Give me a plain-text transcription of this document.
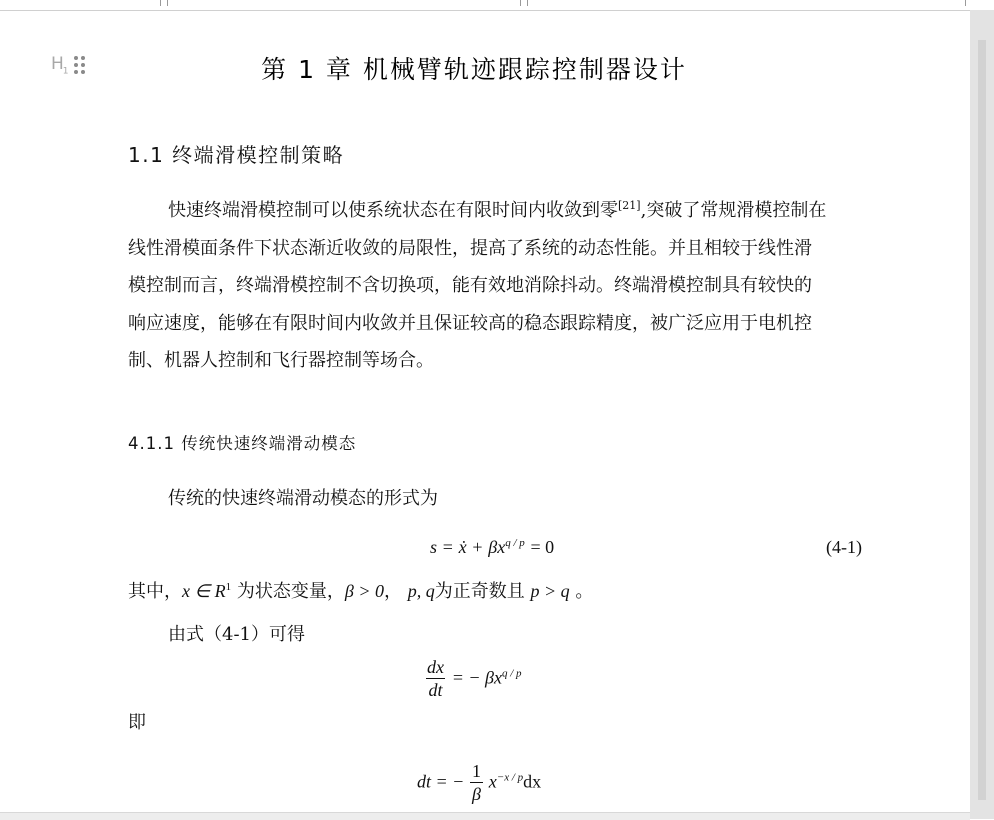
$H_1$	第 1 章 机械臂轨迹跟踪控制器设计
1.1 终端滑模控制策略
快速终端滑模控制可以使系统状态在有限时间内收敛到零[21],突破了常规滑模控制在线性滑模面条件下状态渐近收敛的局限性，提高了系统的动态性能。并且相较于线性滑模控制而言，终端滑模控制不含切换项，能有效地消除抖动。终端滑模控制具有较快的响应速度，能够在有限时间内收敛并且保证较高的稳态跟踪精度，被广泛应用于电机控制、机器人控制和飞行器控制等场合。
4.1.1 传统快速终端滑动模态
传统的快速终端滑动模态的形式为
s = ẋ + $\beta x^{q / p} = 0$	(4-1)
其中，x ∈ $R^1$ 为状态变量，β > 0， p, q为正奇数且 p > q 。
由式（4-1）可得
$\frac{dx}{dt}$ = − $\beta x^{q / p}$
即
dt = − $\frac{1}{\beta} x^{-x / p}dx$
